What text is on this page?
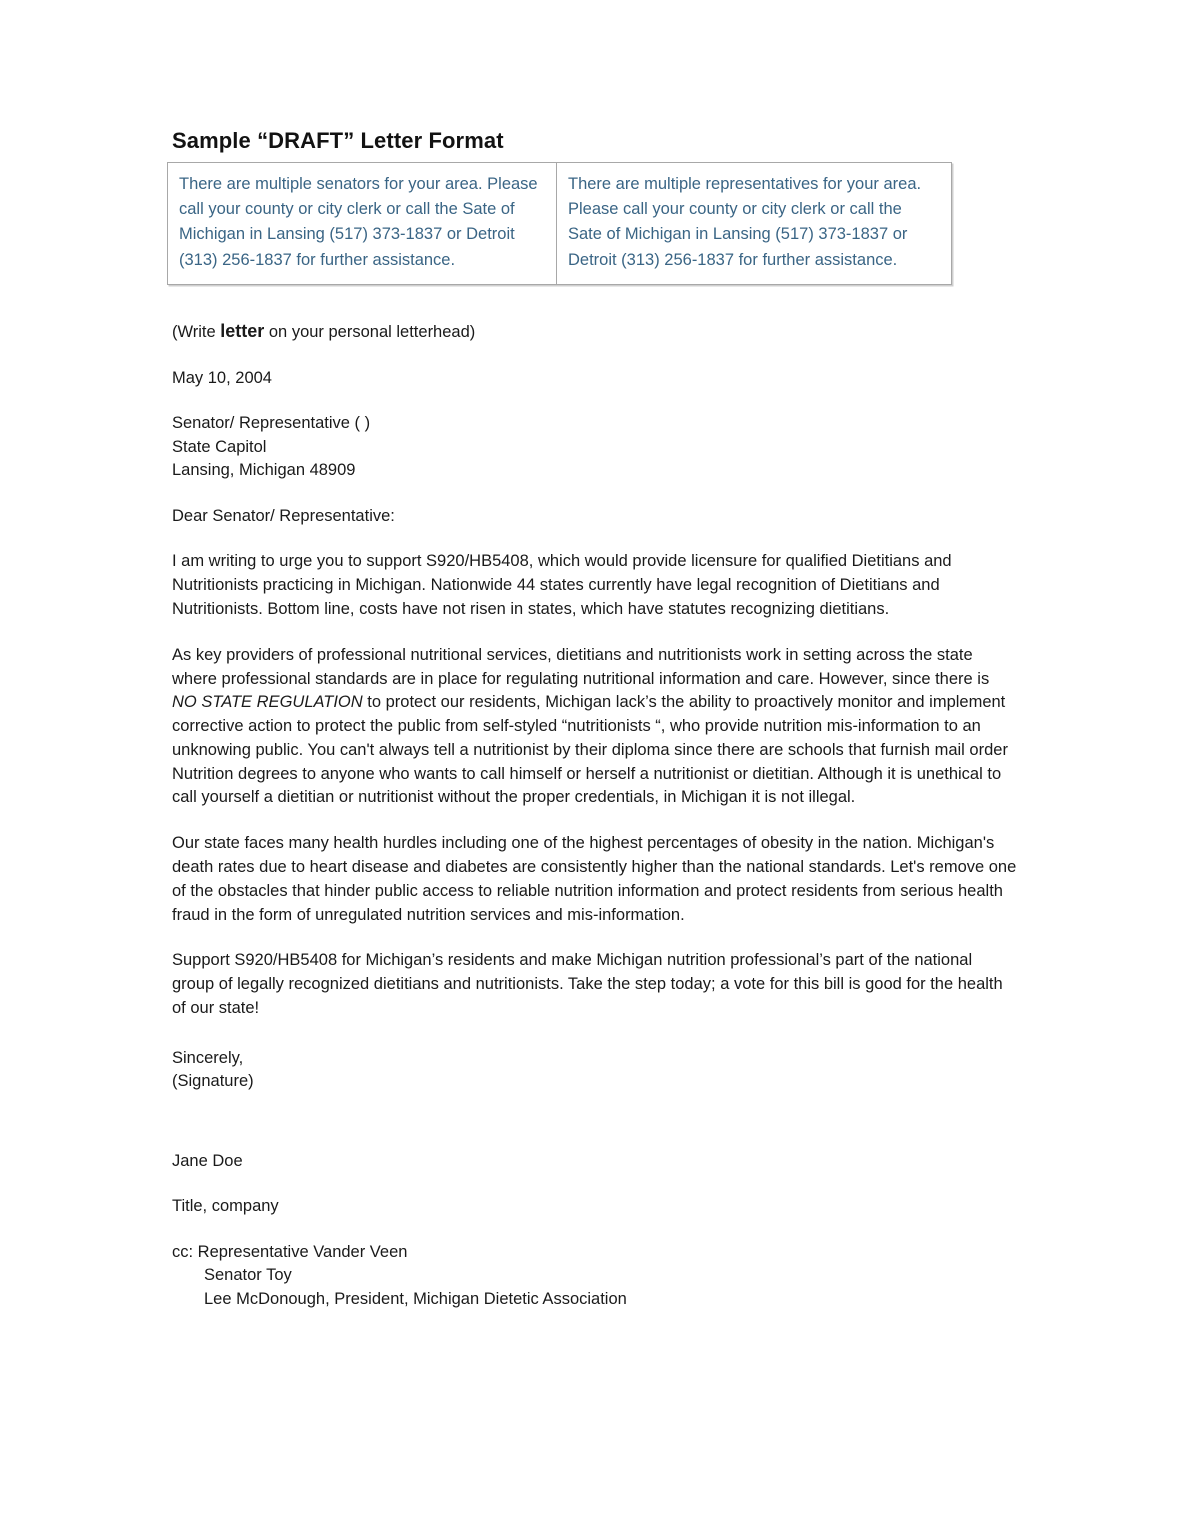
Sample “DRAFT” Letter Format
There are multiple senators for your area. Please call your county or city clerk or call the Sate of Michigan in Lansing (517) 373-1837 or Detroit (313) 256-1837 for further assistance.	There are multiple representatives for your area. Please call your county or city clerk or call the Sate of Michigan in Lansing (517) 373-1837 or Detroit (313) 256-1837 for further assistance.
(Write letter on your personal letterhead)
May 10, 2004
Senator/ Representative ( )
State Capitol
Lansing, Michigan 48909
Dear Senator/ Representative:

I am writing to urge you to support S920/HB5408, which would provide licensure for qualified Dietitians and Nutritionists practicing in Michigan. Nationwide 44 states currently have legal recognition of Dietitians and Nutritionists. Bottom line, costs have not risen in states, which have statutes recognizing dietitians.

As key providers of professional nutritional services, dietitians and nutritionists work in setting across the state where professional standards are in place for regulating nutritional information and care. However, since there is NO STATE REGULATION to protect our residents, Michigan lack’s the ability to proactively monitor and implement corrective action to protect the public from self-styled “nutritionists “, who provide nutrition mis-information to an unknowing public. You can't always tell a nutritionist by their diploma since there are schools that furnish mail order Nutrition degrees to anyone who wants to call himself or herself a nutritionist or dietitian. Although it is unethical to call yourself a dietitian or nutritionist without the proper credentials, in Michigan it is not illegal.

Our state faces many health hurdles including one of the highest percentages of obesity in the nation. Michigan's death rates due to heart disease and diabetes are consistently higher than the national standards. Let's remove one of the obstacles that hinder public access to reliable nutrition information and protect residents from serious health fraud in the form of unregulated nutrition services and mis-information.

Support S920/HB5408 for Michigan’s residents and make Michigan nutrition professional’s part of the national group of legally recognized dietitians and nutritionists. Take the step today; a vote for this bill is good for the health of our state!

Sincerely,
(Signature)
Jane Doe
Title, company
cc: Representative Vander Veen
Senator Toy
Lee McDonough, President, Michigan Dietetic Association
